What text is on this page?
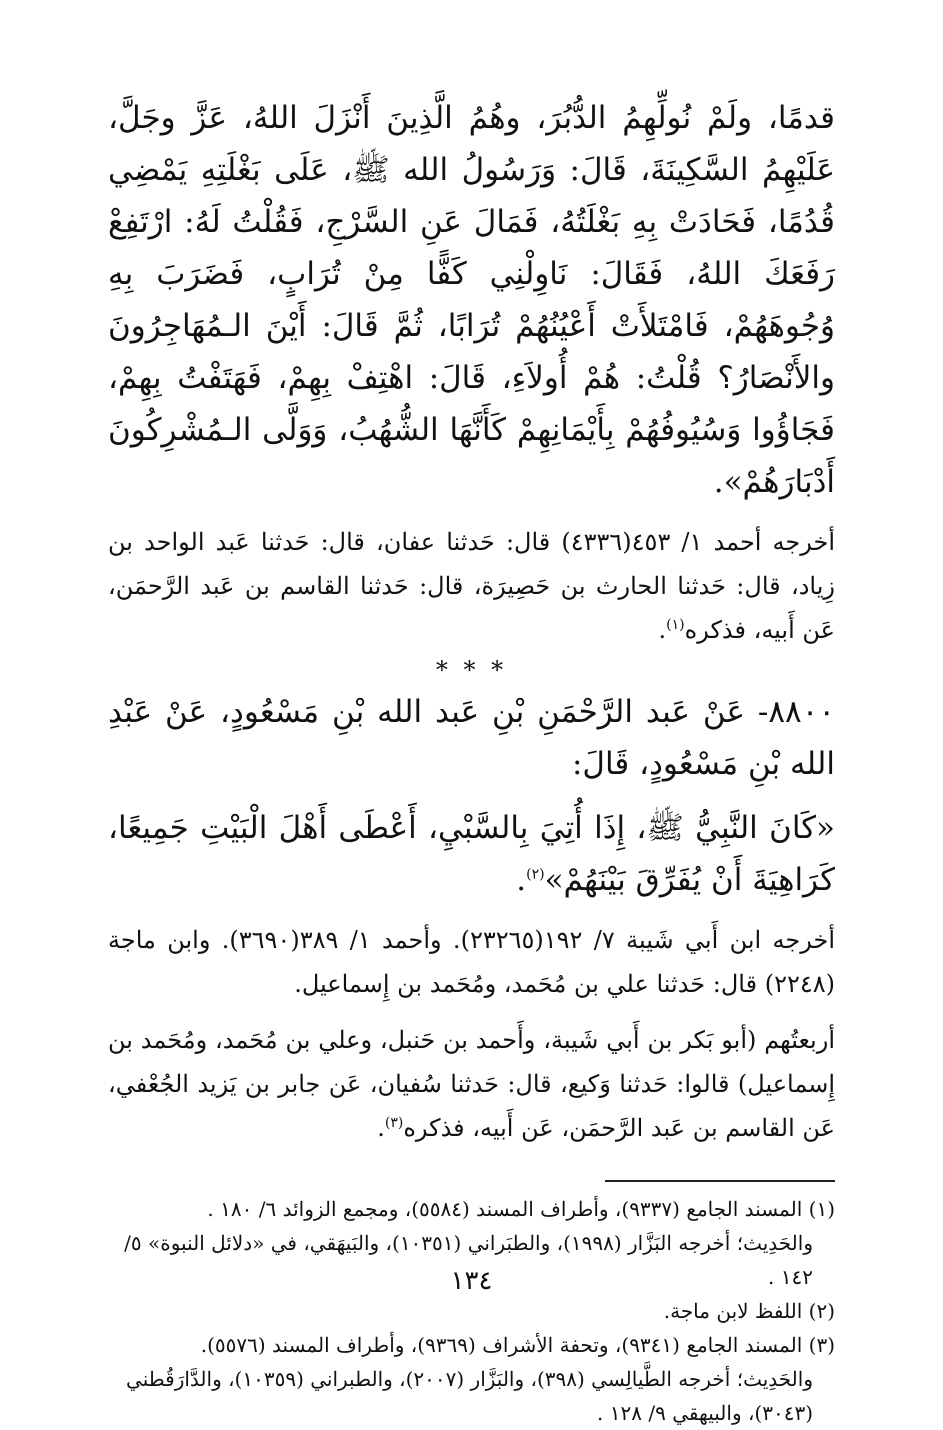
قدمًا، ولَمْ نُولِّهِمُ الدُّبُرَ، وهُمُ الَّذِينَ أَنْزَلَ اللهُ، عَزَّ وجَلَّ، عَلَيْهِمُ السَّكِينَةَ، قَالَ: وَرَسُولُ الله ﷺ، عَلَى بَغْلَتِهِ يَمْضِي قُدُمًا، فَحَادَتْ بِهِ بَغْلَتُهُ، فَمَالَ عَنِ السَّرْجِ، فَقُلْتُ لَهُ: ارْتَفِعْ رَفَعَكَ اللهُ، فَقَالَ: نَاوِلْنِي كَفًّا مِنْ تُرَابٍ، فَضَرَبَ بِهِ وُجُوهَهُمْ، فَامْتَلأَتْ أَعْيُنُهُمْ تُرَابًا، ثُمَّ قَالَ: أَيْنَ الـمُهَاجِرُونَ والأَنْصَارُ؟ قُلْتُ: هُمْ أُولاَءِ، قَالَ: اهْتِفْ بِهِمْ، فَهَتَفْتُ بِهِمْ، فَجَاؤُوا وَسُيُوفُهُمْ بِأَيْمَانِهِمْ كَأَنَّهَا الشُّهُبُ، وَوَلَّى الـمُشْرِكُونَ أَدْبَارَهُمْ».

أخرجه أحمد ١/ ٤٥٣(٤٣٣٦) قال: حَدثنا عفان، قال: حَدثنا عَبد الواحد بن زِياد، قال: حَدثنا الحارث بن حَصِيرَة، قال: حَدثنا القاسم بن عَبد الرَّحمَن، عَن أَبيه، فذكره$^{(١)}$.

* * *

٨٨٠٠- عَنْ عَبد الرَّحْمَنِ بْنِ عَبد الله بْنِ مَسْعُودٍ، عَنْ عَبْدِ الله بْنِ مَسْعُودٍ، قَالَ:

«كَانَ النَّبِيُّ ﷺ، إِذَا أُتِيَ بِالسَّبْيِ، أَعْطَى أَهْلَ الْبَيْتِ جَمِيعًا، كَرَاهِيَةَ أَنْ يُفَرِّقَ بَيْنَهُمْ»$^{(٢)}$.

أخرجه ابن أَبي شَيبة ٧/ ١٩٢(٢٣٢٦٥). وأحمد ١/ ٣٨٩(٣٦٩٠). وابن ماجة (٢٢٤٨) قال: حَدثنا علي بن مُحَمد، ومُحَمد بن إِسماعيل.

أربعتُهم (أبو بَكر بن أَبي شَيبة، وأَحمد بن حَنبل، وعلي بن مُحَمد، ومُحَمد بن إِسماعيل) قالوا: حَدثنا وَكيع، قال: حَدثنا سُفيان، عَن جابر بن يَزيد الجُعْفي، عَن القاسم بن عَبد الرَّحمَن، عَن أَبيه، فذكره$^{(٣)}$.

(١) المسند الجامع (٩٣٣٧)، وأطراف المسند (٥٥٨٤)، ومجمع الزوائد ٦/ ١٨٠ .

والحَدِيث؛ أخرجه البَزَّار (١٩٩٨)، والطبَراني (١٠٣٥١)، والبَيهَقي، في «دلائل النبوة» ٥/ ١٤٢ .

(٢) اللفظ لابن ماجة.

(٣) المسند الجامع (٩٣٤١)، وتحفة الأشراف (٩٣٦٩)، وأطراف المسند (٥٥٧٦).

والحَدِيث؛ أخرجه الطَّيالِسي (٣٩٨)، والبَزَّار (٢٠٠٧)، والطبراني (١٠٣٥٩)، والدَّارَقُطني (٣٠٤٣)، والبيهقي ٩/ ١٢٨ .

١٣٤
